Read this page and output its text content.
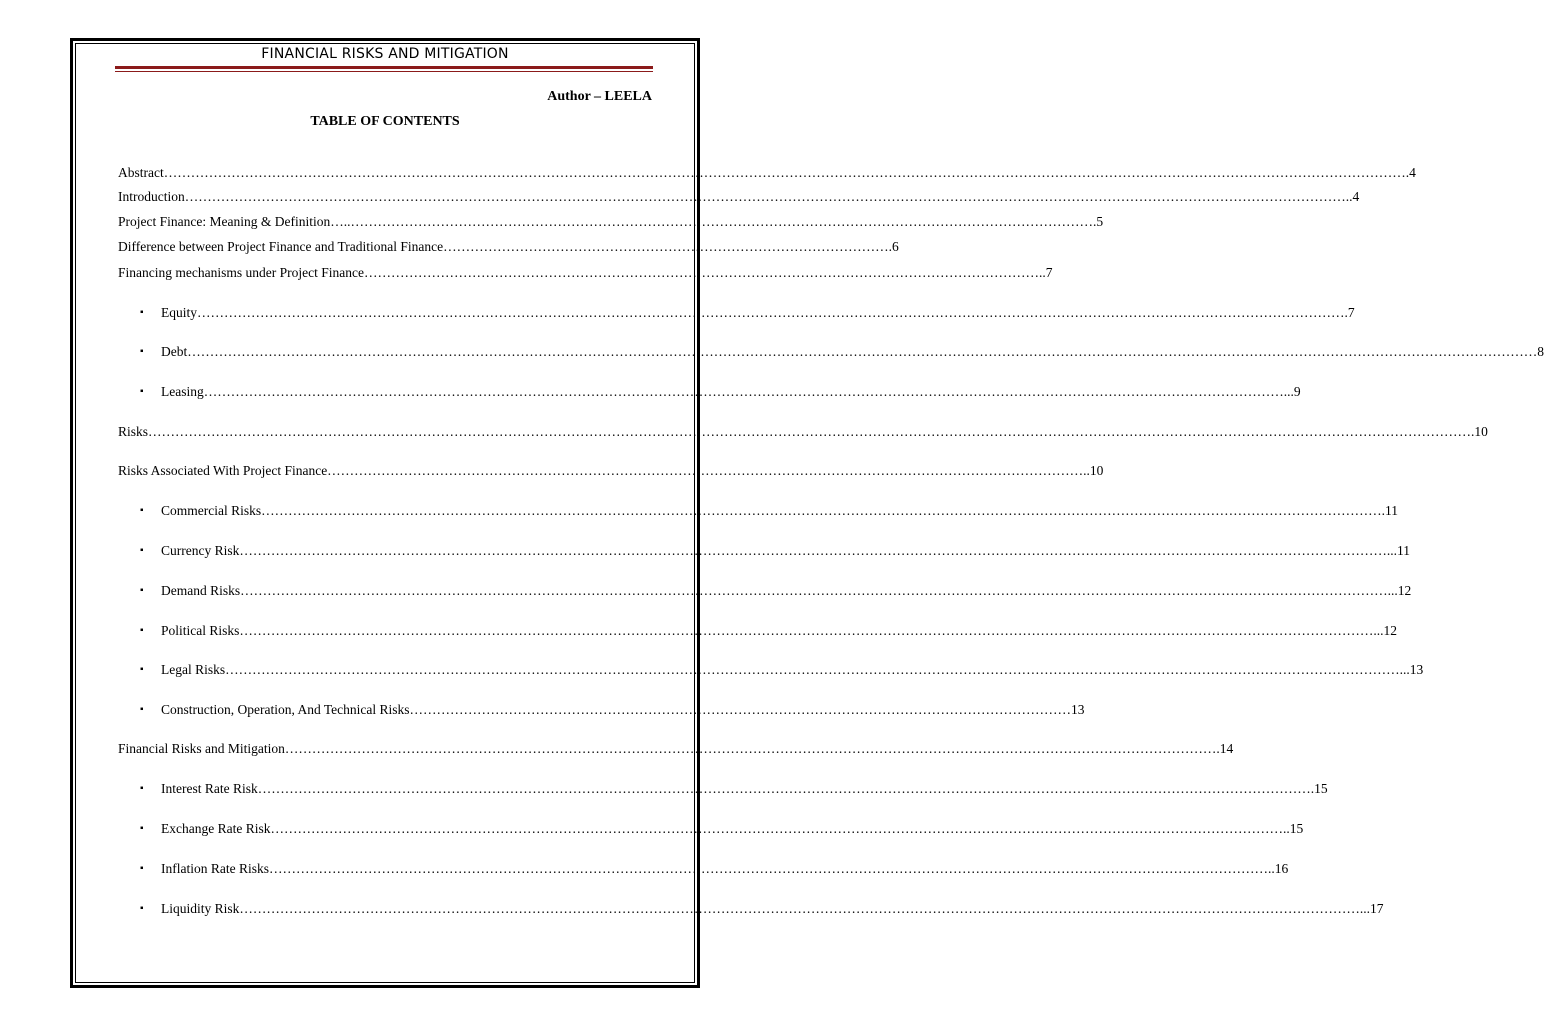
FINANCIAL RISKS AND MITIGATION
Author – LEELA
TABLE OF CONTENTS
Abstract…………………………………………………………………………………………………………………………………………………………………………………………………………………………………………………….4
Introduction……………………………………………………………………………………………………………………………………………………………………………………………………………………………………..4
Project Finance: Meaning & Definition…..………………………………………………………………………………………………………………………………………………….5
Difference between Project Finance and Traditional Finance……………………………………………………………………………………….6
Financing mechanisms under Project Finance……………………………………………………………………………………………………………………………………..7
▪ Equity………………………………………………………………………………………………………………………………………………………………………………………………………………………………….7
▪ Debt…………………………………………………………………………………………………………………………………………………………………………………………………………………………………………………………………………8
▪ Leasing……………………………………………………………………………………………………………………………………………………………………………………………………………………...9
Risks…………………………………………………………………………………………………………………………………………………………………………………………………………………………………………………………………….10
Risks Associated With Project Finance……………………………………………………………………………………………………………………………………………………..10
▪ Commercial Risks…………………………………………………………………………………………………………………………………………………………………………………………………………………………….11
▪ Currency Risk…………………………………………………………………………………………………………………………………………………………………………………………………………………………………...11
▪ Demand Risks…………………………………………………………………………………………………………………………………………………………………………………………………………………………………...12
▪ Political Risks………………………………………………………………………………………………………………………………………………………………………………………………………………………………...12
▪ Legal Risks………………………………………………………………………………………………………………………………………………………………………………………………………………………………………...13
▪ Construction, Operation, And Technical Risks…………………………………………………………………………………………………………………………………13
Financial Risks and Mitigation……………………………………………………………………………………………………………………………………………………………………………………….14
▪ Interest Rate Risk……………………………………………………………………………………………………………………………………………………………………………………………………………….15
▪ Exchange Rate Risk………………………………………………………………………………………………………………………………………………………………………………………………………..15
▪ Inflation Rate Risks……………………………………………………………………………………………………………………………………………………………………………………………………..16
▪ Liquidity Risk……………………………………………………………………………………………………………………………………………………………………………………………………………………………...17
